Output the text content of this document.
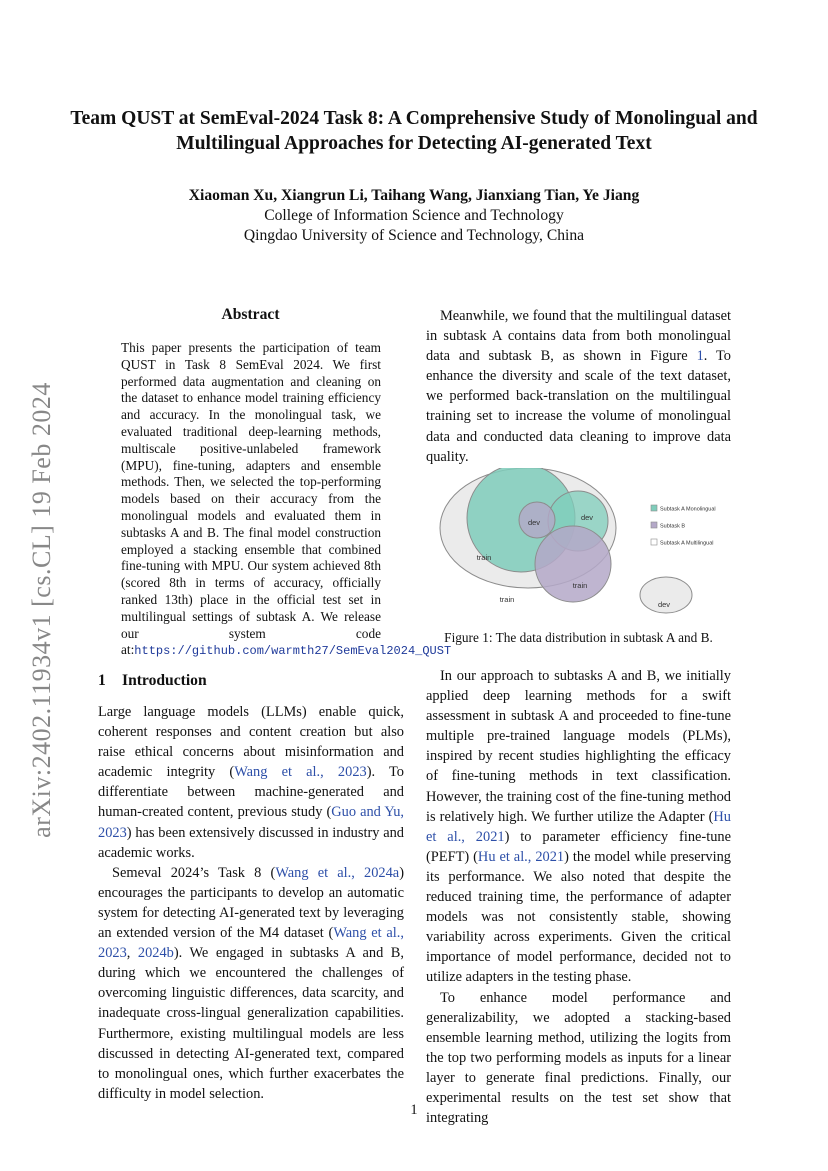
arXiv:2402.11934v1 [cs.CL] 19 Feb 2024
Team QUST at SemEval-2024 Task 8: A Comprehensive Study of Monolingual and Multilingual Approaches for Detecting AI-generated Text
Xiaoman Xu, Xiangrun Li, Taihang Wang, Jianxiang Tian, Ye Jiang
College of Information Science and Technology
Qingdao University of Science and Technology, China
Abstract
This paper presents the participation of team QUST in Task 8 SemEval 2024. We first performed data augmentation and cleaning on the dataset to enhance model training efficiency and accuracy. In the monolingual task, we evaluated traditional deep-learning methods, multiscale positive-unlabeled framework (MPU), fine-tuning, adapters and ensemble methods. Then, we selected the top-performing models based on their accuracy from the monolingual models and evaluated them in subtasks A and B. The final model construction employed a stacking ensemble that combined fine-tuning with MPU. Our system achieved 8th (scored 8th in terms of accuracy, officially ranked 13th) place in the official test set in multilingual settings of subtask A. We release our system code at:https://github.com/warmth27/SemEval2024_QUST
1 Introduction

Large language models (LLMs) enable quick, coherent responses and content creation but also raise ethical concerns about misinformation and academic integrity (Wang et al., 2023). To differentiate between machine-generated and human-created content, previous study (Guo and Yu, 2023) has been extensively discussed in industry and academic works.

Semeval 2024’s Task 8 (Wang et al., 2024a) encourages the participants to develop an automatic system for detecting AI-generated text by leveraging an extended version of the M4 dataset (Wang et al., 2023, 2024b). We engaged in subtasks A and B, during which we encountered the challenges of overcoming linguistic differences, data scarcity, and inadequate cross-lingual generalization capabilities. Furthermore, existing multilingual models are less discussed in detecting AI-generated text, compared to monolingual ones, which further exacerbates the difficulty in model selection.

Meanwhile, we found that the multilingual dataset in subtask A contains data from both monolingual data and subtask B, as shown in Figure 1. To enhance the diversity and scale of the text dataset, we performed back-translation on the multilingual training set to increase the volume of monolingual data and conducted data cleaning to improve data quality.

train
train
train
dev
dev
dev
Subtask A Monolingual
Subtask B
Subtask A Multilingual
Figure 1: The data distribution in subtask A and B.

In our approach to subtasks A and B, we initially applied deep learning methods for a swift assessment in subtask A and proceeded to fine-tune multiple pre-trained language models (PLMs), inspired by recent studies highlighting the efficacy of fine-tuning methods in text classification. However, the training cost of the fine-tuning method is relatively high. We further utilize the Adapter (Hu et al., 2021) to parameter efficiency fine-tune (PEFT) (Hu et al., 2021) the model while preserving its performance. We also noted that despite the reduced training time, the performance of adapter models was not consistently stable, showing variability across experiments. Given the critical importance of model performance, decided not to utilize adapters in the testing phase.

To enhance model performance and generalizability, we adopted a stacking-based ensemble learning method, utilizing the logits from the top two performing models as inputs for a linear layer to generate final predictions. Finally, our experimental results on the test set show that integrating

1
